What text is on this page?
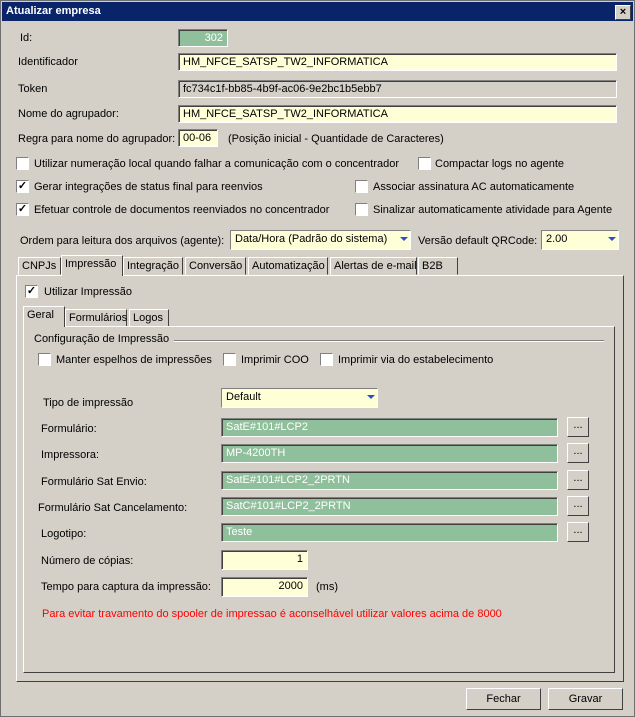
Atualizar empresa	×
Id:	302
Identificador	HM_NFCE_SATSP_TW2_INFORMATICA
Token	fc734c1f-bb85-4b9f-ac06-9e2bc1b5ebb7
Nome do agrupador:	HM_NFCE_SATSP_TW2_INFORMATICA
Regra para nome do agrupador: 00-06	(Posição inicial - Quantidade de Caracteres)
Utilizar numeração local quando falhar a comunicação com o concentrador	Compactar logs no agente
✓ Gerar integrações de status final para reenvios	Associar assinatura AC automaticamente
✓ Efetuar controle de documentos reenviados no concentrador	Sinalizar automaticamente atividade para Agente
Ordem para leitura dos arquivos (agente): Data/Hora (Padrão do sistema)	Versão default QRCode: 2.00
CNPJs Impressão Integração Conversão Automatização Alertas de e-mail B2B
✓ Utilizar Impressão
Geral	Formulários Logos
Configuração de Impressão
Manter espelhos de impressões	Imprimir COO	Imprimir via do estabelecimento
Tipo de impressão	Default
Formulário:	SatE#101#LCP2	...
Impressora:	MP-4200TH	...
Formulário Sat Envio:	SatE#101#LCP2_2PRTN	...
Formulário Sat Cancelamento:	SatC#101#LCP2_2PRTN	...
Logotipo:	Teste	...
Número de cópias:	1
Tempo para captura da impressão:	2000	(ms)
Para evitar travamento do spooler de impressao é aconselhável utilizar valores acima de 8000
Fechar	Gravar
